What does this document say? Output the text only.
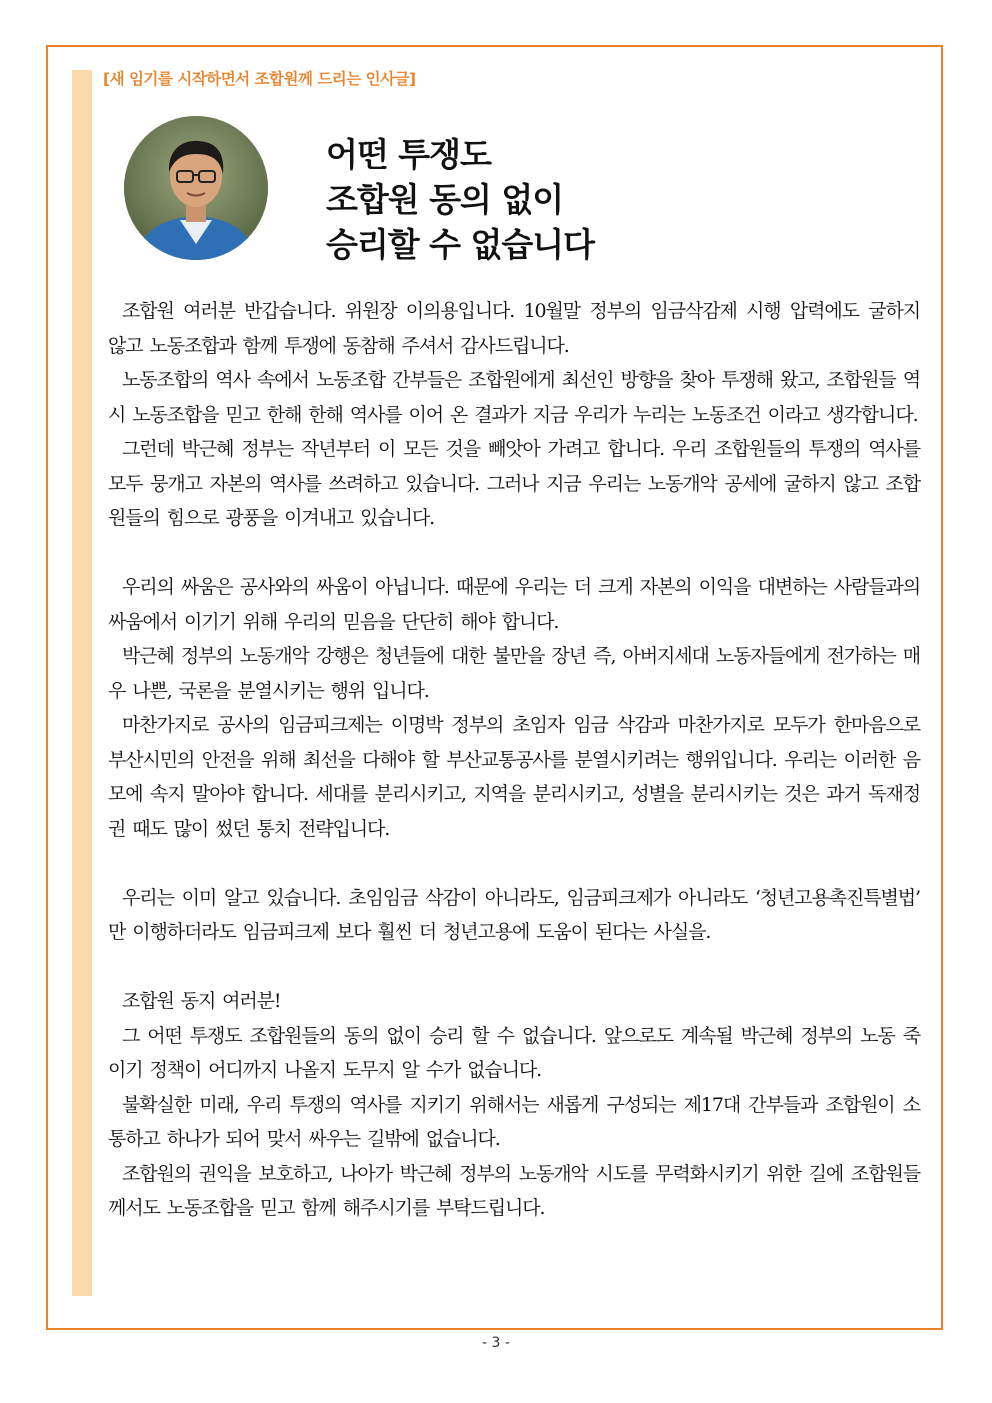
[새 임기를 시작하면서 조합원께 드리는 인사글]
어떤 투쟁도
조합원 동의 없이
승리할 수 없습니다

조합원 여러분 반갑습니다. 위원장 이의용입니다. 10월말 정부의 임금삭감제 시행 압력에도 굴하지 않고 노동조합과 함께 투쟁에 동참해 주셔서 감사드립니다.

노동조합의 역사 속에서 노동조합 간부들은 조합원에게 최선인 방향을 찾아 투쟁해 왔고, 조합원들 역시 노동조합을 믿고 한해 한해 역사를 이어 온 결과가 지금 우리가 누리는 노동조건 이라고 생각합니다.

그런데 박근혜 정부는 작년부터 이 모든 것을 빼앗아 가려고 합니다. 우리 조합원들의 투쟁의 역사를 모두 뭉개고 자본의 역사를 쓰려하고 있습니다. 그러나 지금 우리는 노동개악 공세에 굴하지 않고 조합원들의 힘으로 광풍을 이겨내고 있습니다.

우리의 싸움은 공사와의 싸움이 아닙니다. 때문에 우리는 더 크게 자본의 이익을 대변하는 사람들과의 싸움에서 이기기 위해 우리의 믿음을 단단히 해야 합니다.

박근혜 정부의 노동개악 강행은 청년들에 대한 불만을 장년 즉, 아버지세대 노동자들에게 전가하는 매우 나쁜, 국론을 분열시키는 행위 입니다.

마찬가지로 공사의 임금피크제는 이명박 정부의 초임자 임금 삭감과 마찬가지로 모두가 한마음으로 부산시민의 안전을 위해 최선을 다해야 할 부산교통공사를 분열시키려는 행위입니다. 우리는 이러한 음모에 속지 말아야 합니다. 세대를 분리시키고, 지역을 분리시키고, 성별을 분리시키는 것은 과거 독재정권 때도 많이 썼던 통치 전략입니다.

우리는 이미 알고 있습니다. 초임임금 삭감이 아니라도, 임금피크제가 아니라도 ‘청년고용촉진특별법’ 만 이행하더라도 임금피크제 보다 훨씬 더 청년고용에 도움이 된다는 사실을.

조합원 동지 여러분!

그 어떤 투쟁도 조합원들의 동의 없이 승리 할 수 없습니다. 앞으로도 계속될 박근혜 정부의 노동 죽이기 정책이 어디까지 나올지 도무지 알 수가 없습니다.

불확실한 미래, 우리 투쟁의 역사를 지키기 위해서는 새롭게 구성되는 제17대 간부들과 조합원이 소통하고 하나가 되어 맞서 싸우는 길밖에 없습니다.

조합원의 권익을 보호하고, 나아가 박근혜 정부의 노동개악 시도를 무력화시키기 위한 길에 조합원들께서도 노동조합을 믿고 함께 해주시기를 부탁드립니다.

- 3 -
